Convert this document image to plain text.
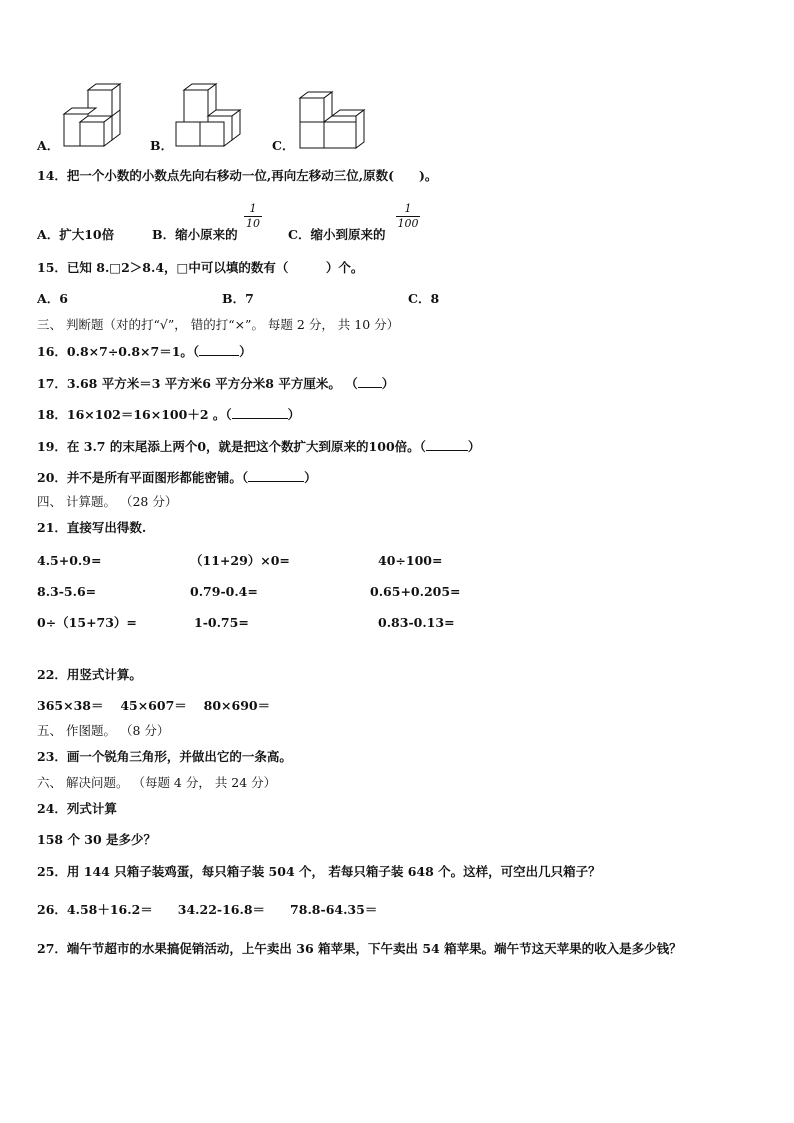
A．	B．	C．
14．把一个小数的小数点先向右移动一位,再向左移动三位,原数(　　)。
A．扩大10倍	B．缩小原来的
1
10
C．缩小到原来的
1
100
15．已知 8.□2＞8.4，□中可以填的数有（　　　）个。
A．6	B．7	C．8
三、 判断题（对的打“√”， 错的打“×”。 每题 2 分， 共 10 分）
16．0.8×7÷0.8×7＝1。（	）
17．3.68 平方米＝3 平方米6 平方分米8 平方厘米。 （ ）
18．16×102＝16×100＋2 。（	）
19．在 3.7 的末尾添上两个0，就是把这个数扩大到原来的100倍。（	）
20．并不是所有平面图形都能密铺。（	）
四、 计算题。 （28 分）
21．直接写出得数.
4.5+0.9=	（11+29）×0=	40÷100=
8.3-5.6=	0.79-0.4=	0.65+0.205=
0÷（15+73）=	1-0.75=	0.83-0.13=
22．用竖式计算。
365×38＝　 45×607＝　 80×690＝
五、 作图题。 （8 分）
23．画一个锐角三角形，并做出它的一条高。
六、 解决问题。 （每题 4 分， 共 24 分）
24．列式计算
158 个 30 是多少？
25．用 144 只箱子装鸡蛋，每只箱子装 504 个， 若每只箱子装 648 个。这样，可空出几只箱子？
26．4.58＋16.2＝　　34.22-16.8＝　　78.8-64.35＝
27．端午节超市的水果搞促销活动，上午卖出 36 箱苹果，下午卖出 54 箱苹果。端午节这天苹果的收入是多少钱？
